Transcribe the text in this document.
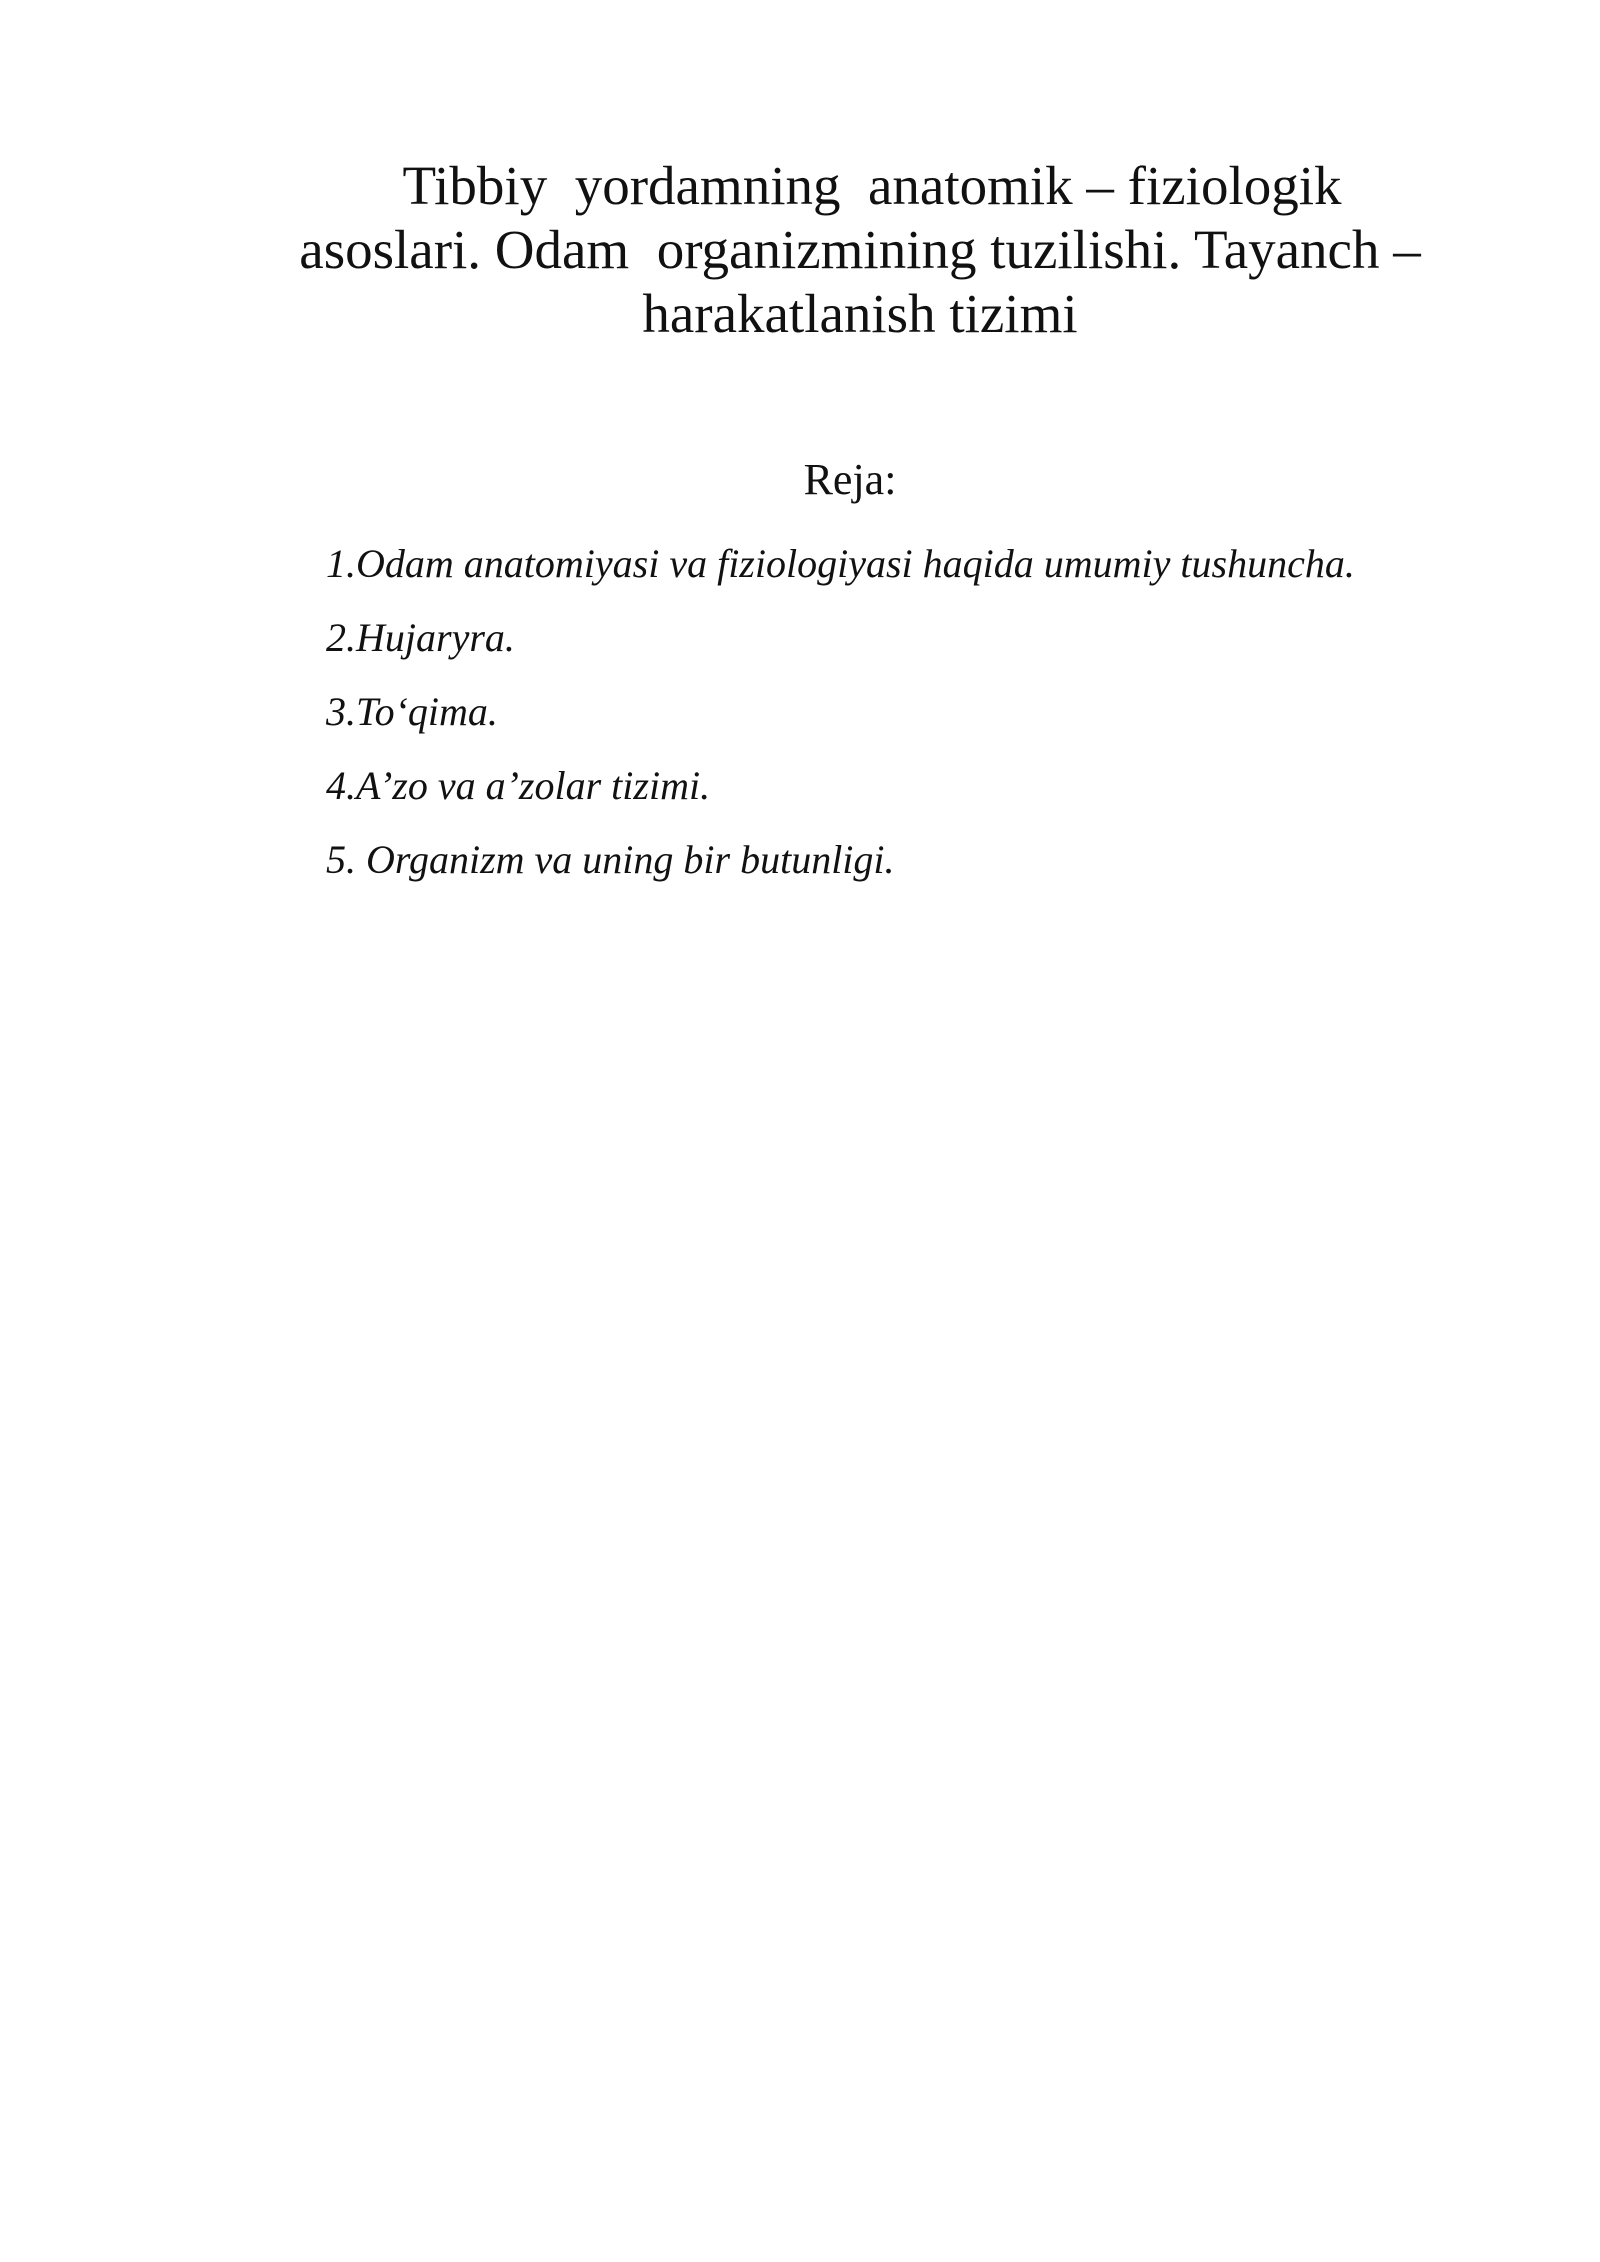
Tibbiy  yordamning  anatomik – fiziologik
asoslari. Odam  organizmining tuzilishi. Tayanch –
harakatlanish tizimi
Reja:
1.Odam anatomiyasi va fiziologiyasi haqida umumiy tushuncha.
2.Hujaryra.
3.To‘qima.
4.A’zo va a’zolar tizimi.
5. Organizm va uning bir butunligi.
